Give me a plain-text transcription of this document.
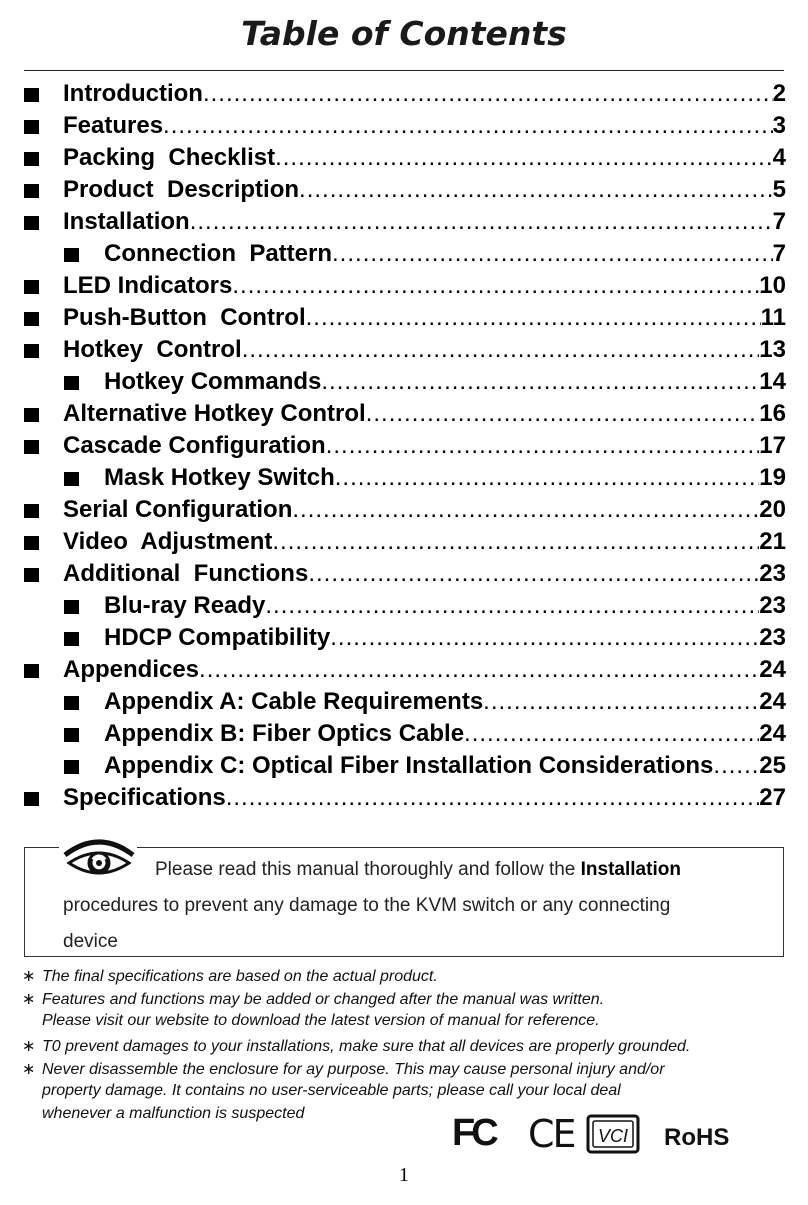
Table of Contents
Introduction .....	2
Features .....	3
Packing  Checklist .....	4
Product  Description .....	5
Installation .....	7
Connection  Pattern .....	7
LED Indicators .....	10
Push-Button  Control .....	11
Hotkey  Control .....	13
Hotkey Commands .....	14
Alternative Hotkey Control .....	16
Cascade Configuration .....	17
Mask Hotkey Switch .....	19
Serial Configuration .....	20
Video  Adjustment .....	21
Additional  Functions .....	23
Blu-ray Ready .....	23
HDCP Compatibility .....	23
Appendices .....	24
Appendix A: Cable Requirements .....	24
Appendix B: Fiber Optics Cable .....	24
Appendix C: Optical Fiber Installation Considerations ..... 25
Specifications .....	27
Please read this manual thoroughly and follow the Installation
procedures to prevent any damage to the KVM switch or any connecting
device
∗ The final specifications are based on the actual product.
∗ Features and functions may be added or changed after the manual was written.
Please visit our website to download the latest version of manual for reference.
∗ T0 prevent damages to your installations, make sure that all devices are properly grounded.
∗ Never disassemble the enclosure for ay purpose. This may cause personal injury and/or
property damage. It contains no user-serviceable parts; please call your local deal
whenever a malfunction is suspected	FC CE VCI RoHS
1
